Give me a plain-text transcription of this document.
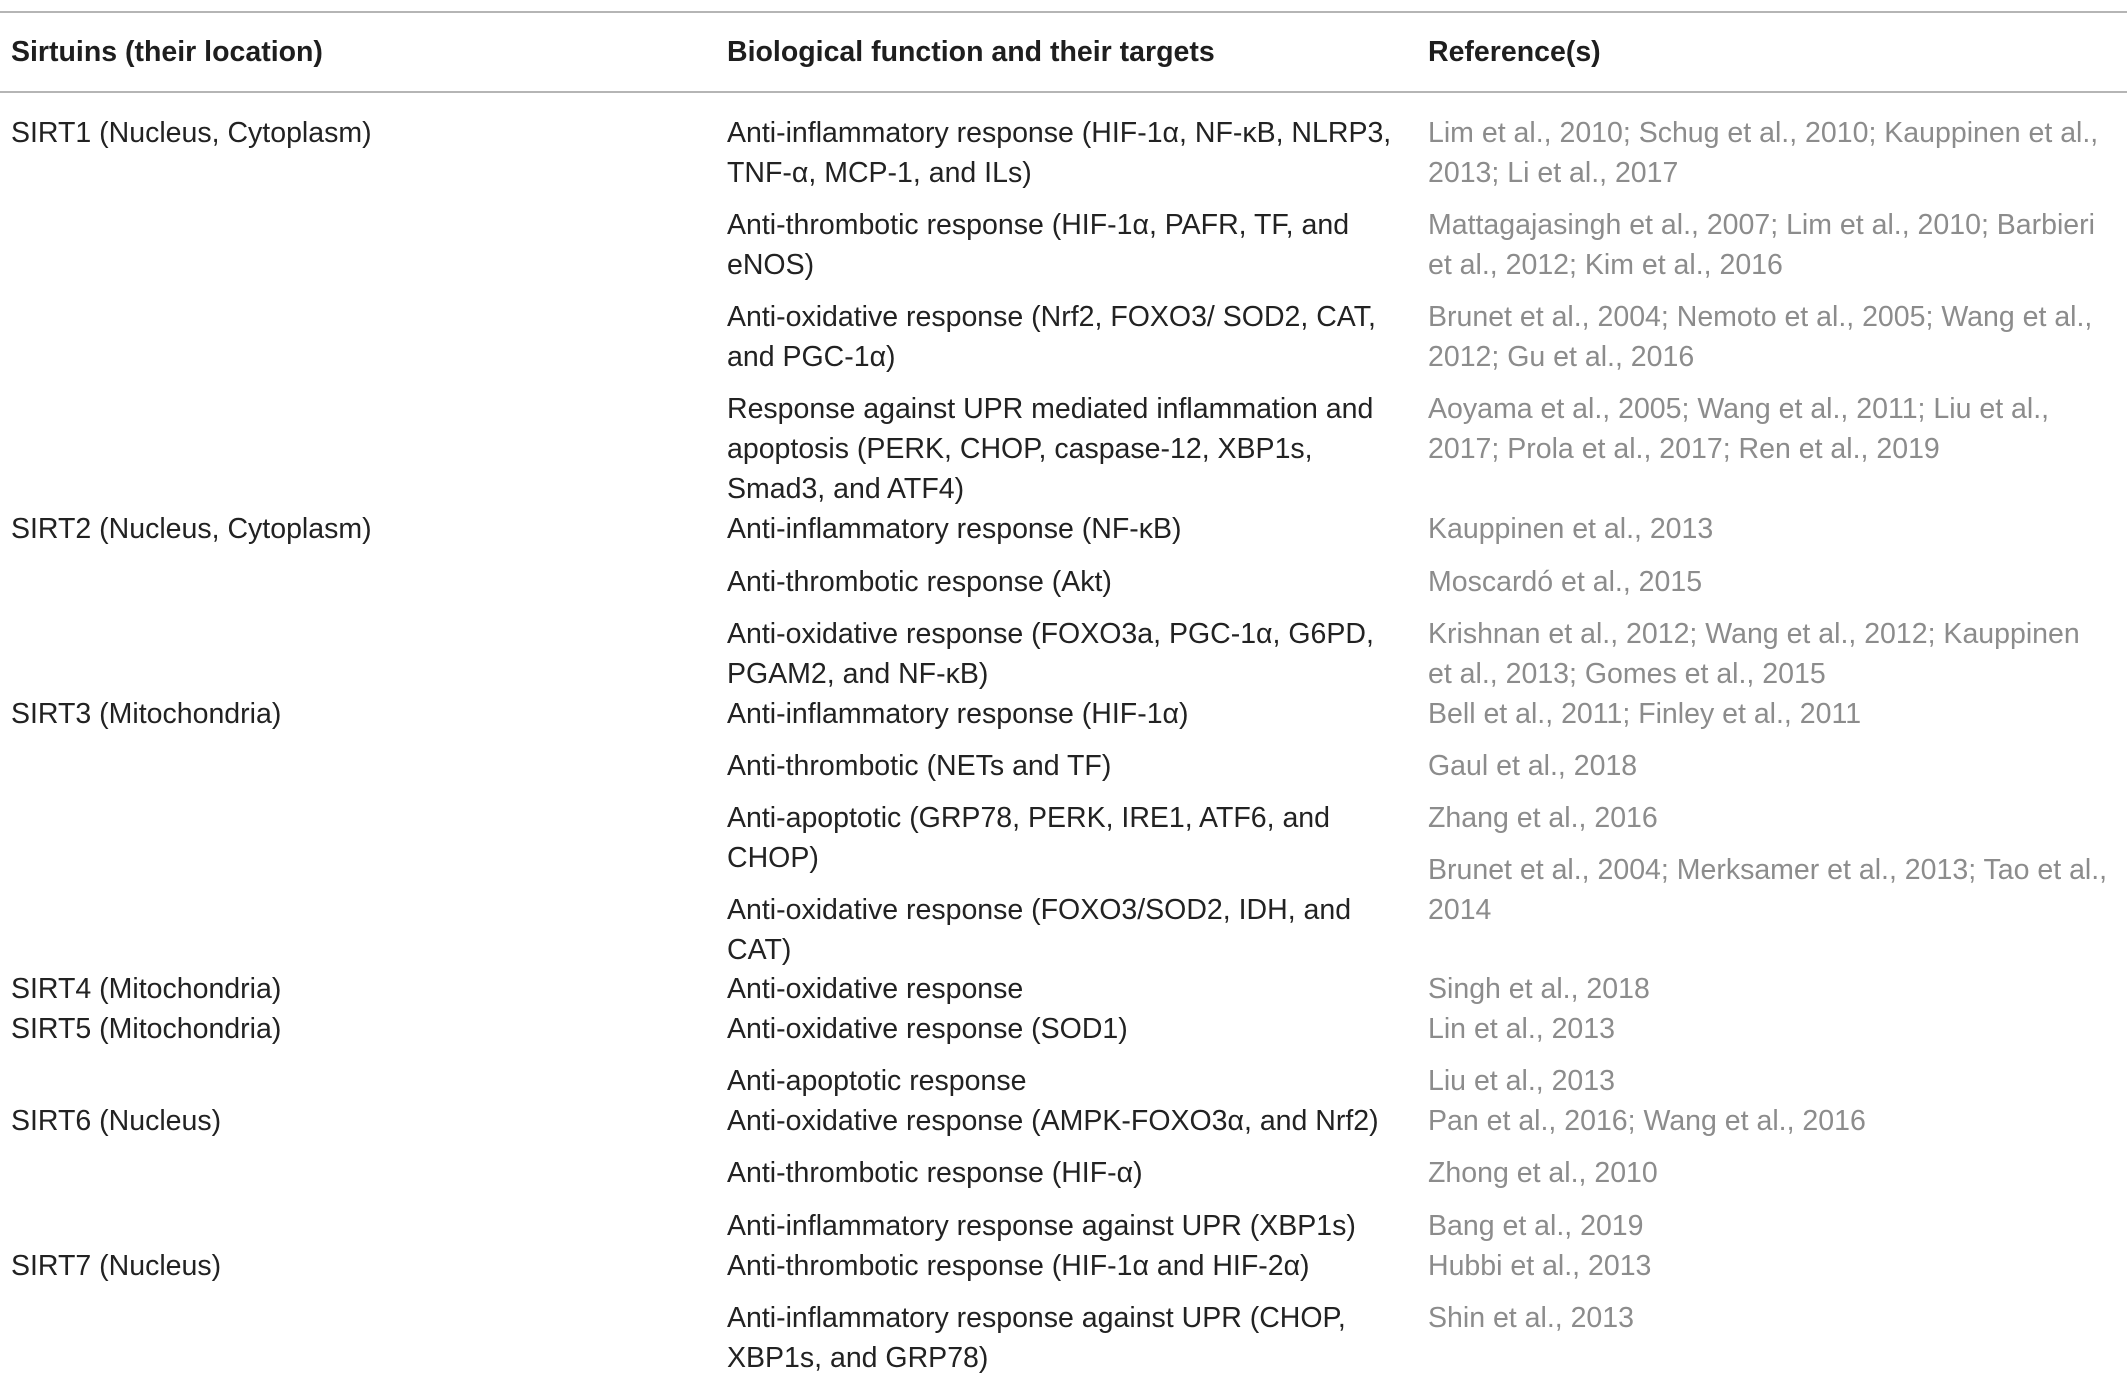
Sirtuins (their location)	Biological function and their targets	Reference(s)
SIRT1 (Nucleus, Cytoplasm)
SIRT2 (Nucleus, Cytoplasm)
SIRT3 (Mitochondria)
SIRT4 (Mitochondria)
SIRT5 (Mitochondria)
SIRT6 (Nucleus)
SIRT7 (Nucleus)
Anti-inflammatory response (HIF-1α, NF-κB, NLRP3,
TNF-α, MCP-1, and ILs)
Anti-thrombotic response (HIF-1α, PAFR, TF, and
eNOS)
Anti-oxidative response (Nrf2, FOXO3/ SOD2, CAT,
and PGC-1α)
Response against UPR mediated inflammation and
apoptosis (PERK, CHOP, caspase-12, XBP1s,
Smad3, and ATF4)
Anti-inflammatory response (NF-κB)
Anti-thrombotic response (Akt)
Anti-oxidative response (FOXO3a, PGC-1α, G6PD,
PGAM2, and NF-κB)
Anti-inflammatory response (HIF-1α)
Anti-thrombotic (NETs and TF)
Anti-apoptotic (GRP78, PERK, IRE1, ATF6, and
CHOP)
Anti-oxidative response (FOXO3/SOD2, IDH, and
CAT)
Anti-oxidative response
Anti-oxidative response (SOD1)
Anti-apoptotic response
Anti-oxidative response (AMPK-FOXO3α, and Nrf2)
Anti-thrombotic response (HIF-α)
Anti-inflammatory response against UPR (XBP1s)
Anti-thrombotic response (HIF-1α and HIF-2α)
Anti-inflammatory response against UPR (CHOP,
XBP1s, and GRP78)
Lim et al., 2010; Schug et al., 2010; Kauppinen et al.,
2013; Li et al., 2017
Mattagajasingh et al., 2007; Lim et al., 2010; Barbieri
et al., 2012; Kim et al., 2016
Brunet et al., 2004; Nemoto et al., 2005; Wang et al.,
2012; Gu et al., 2016
Aoyama et al., 2005; Wang et al., 2011; Liu et al.,
2017; Prola et al., 2017; Ren et al., 2019
Kauppinen et al., 2013
Moscardó et al., 2015
Krishnan et al., 2012; Wang et al., 2012; Kauppinen
et al., 2013; Gomes et al., 2015
Bell et al., 2011; Finley et al., 2011
Gaul et al., 2018
Zhang et al., 2016
Brunet et al., 2004; Merksamer et al., 2013; Tao et al.,
2014
Singh et al., 2018
Lin et al., 2013
Liu et al., 2013
Pan et al., 2016; Wang et al., 2016
Zhong et al., 2010
Bang et al., 2019
Hubbi et al., 2013
Shin et al., 2013
